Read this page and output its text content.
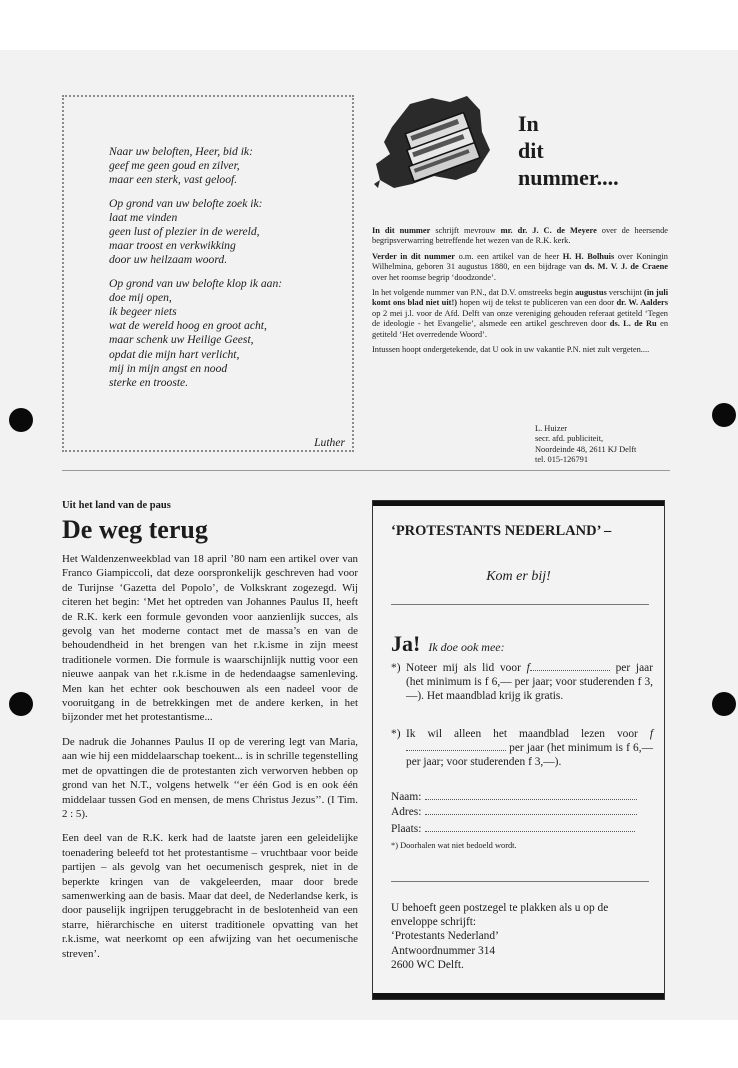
Naar uw beloften, Heer, bid ik:
geef me geen goud en zilver,
maar een sterk, vast geloof.
Op grond van uw belofte zoek ik:
laat me vinden
geen lust of plezier in de wereld,
maar troost en verkwikking
door uw heilzaam woord.
Op grond van uw belofte klop ik aan:
doe mij open,
ik begeer niets
wat de wereld hoog en groot acht,
maar schenk uw Heilige Geest,
opdat die mijn hart verlicht,
mij in mijn angst en nood
sterke en trooste.
Luther
In
dit
nummer....

In dit nummer schrijft mevrouw mr. dr. J. C. de Meyere over de heersende begripsverwarring betreffende het wezen van de R.K. kerk.

Verder in dit nummer o.m. een artikel van de heer H. H. Bolhuis over Koningin Wilhelmina, geboren 31 augustus 1880, en een bijdrage van ds. M. V. J. de Craene over het roomse begrip ‘doodzonde’.

In het volgende nummer van P.N., dat D.V. omstreeks begin augustus verschijnt (in juli komt ons blad niet uit!) hopen wij de tekst te publiceren van een door dr. W. Aalders op 2 mei j.l. voor de Afd. Delft van onze vereniging gehouden referaat getiteld ‘Tegen de ideologie - het Evangelie’, alsmede een artikel geschreven door ds. L. de Ru en getiteld ‘Het overredende Woord’.

Intussen hoopt ondergetekende, dat U ook in uw vakantie P.N. niet zult vergeten....

L. Huizer
secr. afd. publiciteit,
Noordeinde 48, 2611 KJ Delft
tel. 015-126791
Uit het land van de paus
De weg terug

Het Waldenzenweekblad van 18 april ’80 nam een artikel over van Franco Giampiccoli, dat deze oorspronkelijk geschreven had voor de Turijnse ‘Gazetta del Popolo’, de Volkskrant zogezegd. Wij citeren het begin: ‘Met het optreden van Johannes Paulus II, heeft de R.K. kerk een formule gevonden voor aanzienlijk succes, als gevolg van het moderne contact met de massa’s en van de behoudendheid in het brengen van het r.k.isme in zijn meest traditionele vormen. Die formule is waarschijnlijk nuttig voor een nieuwe aanpak van het r.k.isme in de hedendaagse samenleving. Men kan het echter ook beschouwen als een nadeel voor de vooruitgang in de betrekkingen met de andere kerken, in het bijzonder met het protestantisme...

De nadruk die Johannes Paulus II op de verering legt van Maria, aan wie hij een middelaarschap toekent... is in schrille tegenstelling met de opvattingen die de protestanten zich verworven hebben op grond van het N.T., volgens hetwelk ‘‘er één God is en ook één middelaar tussen God en mensen, de mens Christus Jezus’’. (I Tim. 2 : 5).

Een deel van de R.K. kerk had de laatste jaren een geleidelijke toenadering beleefd tot het protestantisme – vruchtbaar voor beide partijen – als gevolg van het oecumenisch gesprek, niet in de beperkte kringen van de vakgeleerden, maar door brede samenwerking aan de basis. Maar dat deel, de Nederlandse kerk, is door pauselijk ingrijpen teruggebracht in de beslotenheid van een starre, hiërarchische en uiterst traditionele opvatting van het r.k.isme, wat neerkomt op een afwijzing van het oecumenische streven’.

‘PROTESTANTS NEDERLAND’ –
Kom er bij!
Ja! Ik doe ook mee:
*) Noteer mij als lid voor f	per jaar (het minimum is f 6,— per jaar; voor studerenden f 3,—). Het maandblad krijg ik gratis.
*) Ik wil alleen het maandblad lezen voor f per jaar (het minimum is f 6,— per jaar; voor studerenden f 3,—).
Naam:
Adres:
Plaats:
*) Doorhalen wat niet bedoeld wordt.
U behoeft geen postzegel te plakken als u op de
enveloppe schrijft:
‘Protestants Nederland’
Antwoordnummer 314
2600 WC Delft.
